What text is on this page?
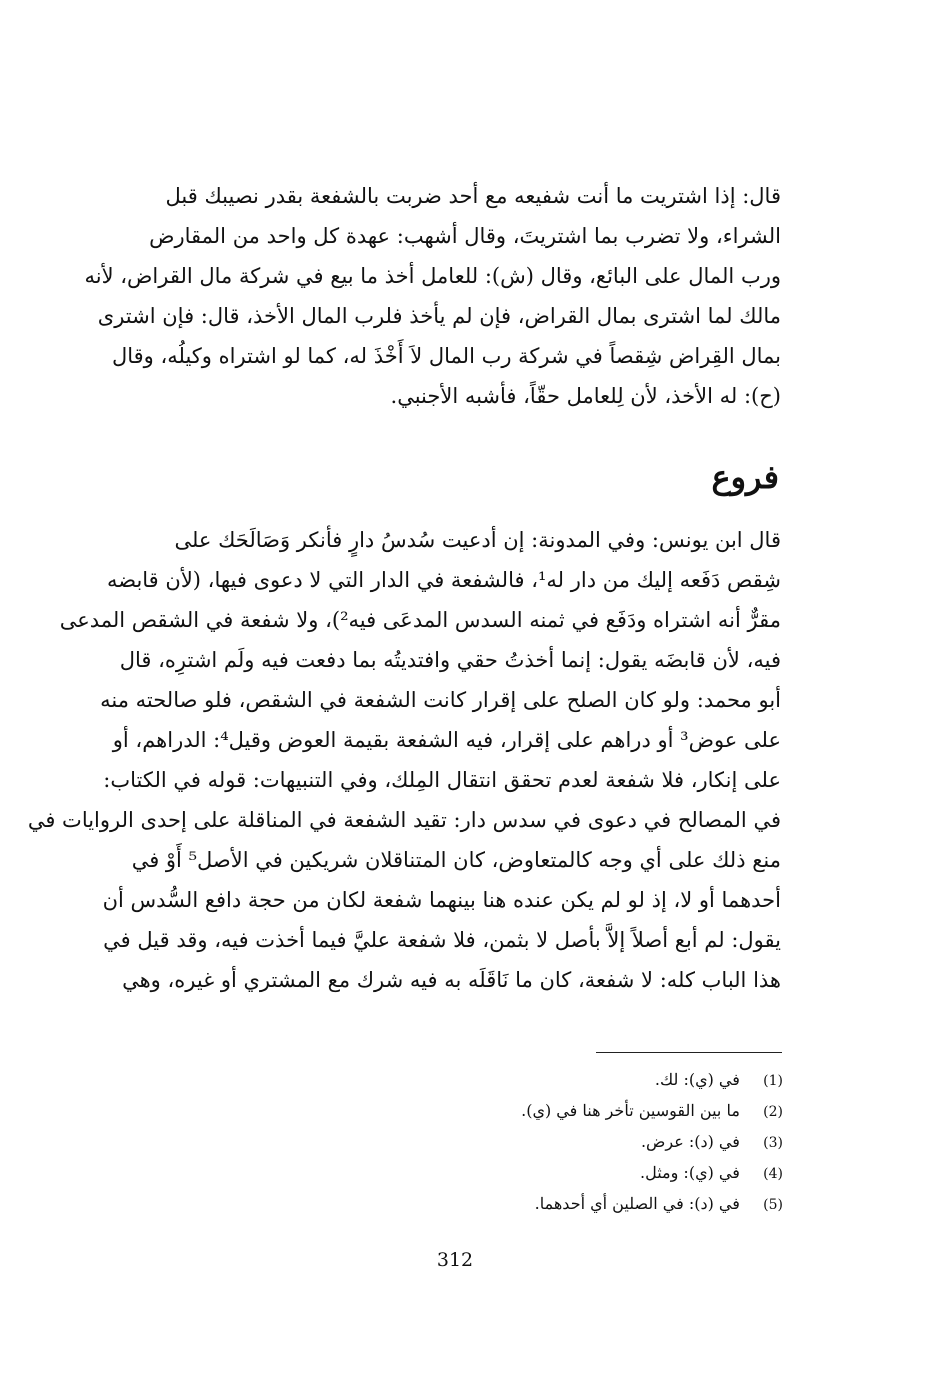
قال: إذا اشتريت ما أنت شفيعه مع أحد ضربت بالشفعة بقدر نصيبك قبل
الشراء، ولا تضرب بما اشتريتَ، وقال أشهب: عهدة كل واحد من المقارض
ورب المال على البائع، وقال (ش): للعامل أخذ ما بيع في شركة مال القراض، لأنه
مالك لما اشترى بمال القراض، فإن لم يأخذ فلرب المال الأخذ، قال: فإن اشترى
بمال القِراض شِقصاً في شركة رب المال لاَ أَخْذَ له، كما لو اشتراه وكيلُه، وقال
(ح): له الأخذ، لأن لِلعامل حقّاً، فأشبه الأجنبي.
فروع
قال ابن يونس: وفي المدونة: إن أدعيت سُدسُ دارٍ فأنكر وَصَالَحَك على
شِقص دَفَعه إليك من دار له¹، فالشفعة في الدار التي لا دعوى فيها، (لأن قابضه
مقرٌّ أنه اشتراه ودَفَع في ثمنه السدس المدعَى فيه²)، ولا شفعة في الشقص المدعى
فيه، لأن قابضَه يقول: إنما أخذتُ حقي وافتديتُه بما دفعت فيه ولَم اشترِه، قال
أبو محمد: ولو كان الصلح على إقرار كانت الشفعة في الشقص، فلو صالحته منه
على عوض³ أو دراهم على إقرار، فيه الشفعة بقيمة العوض وقيل⁴: الدراهم، أو
على إنكار، فلا شفعة لعدم تحقق انتقال المِلك، وفي التنبيهات: قوله في الكتاب:
في المصالح في دعوى في سدس دار: تقيد الشفعة في المناقلة على إحدى الروايات في
منع ذلك على أي وجه كالمتعاوض، كان المتناقلان شريكين في الأصل⁵ أَوْ في
أحدهما أو لا، إذ لو لم يكن عنده هنا بينهما شفعة لكان من حجة دافع السُّدس أن
يقول: لم أبع أصلاً إلاَّ بأصل لا بثمن، فلا شفعة عليَّ فيما أخذت فيه، وقد قيل في
هذا الباب كله: لا شفعة، كان ما نَاقَلَه به فيه شرك مع المشتري أو غيره، وهي
(1) في (ي): لك.
(2) ما بين القوسين تأخر هنا في (ي).
(3) في (د): عرض.
(4) في (ي): ومثل.
(5) في (د): في الصلين أي أحدهما.
312
